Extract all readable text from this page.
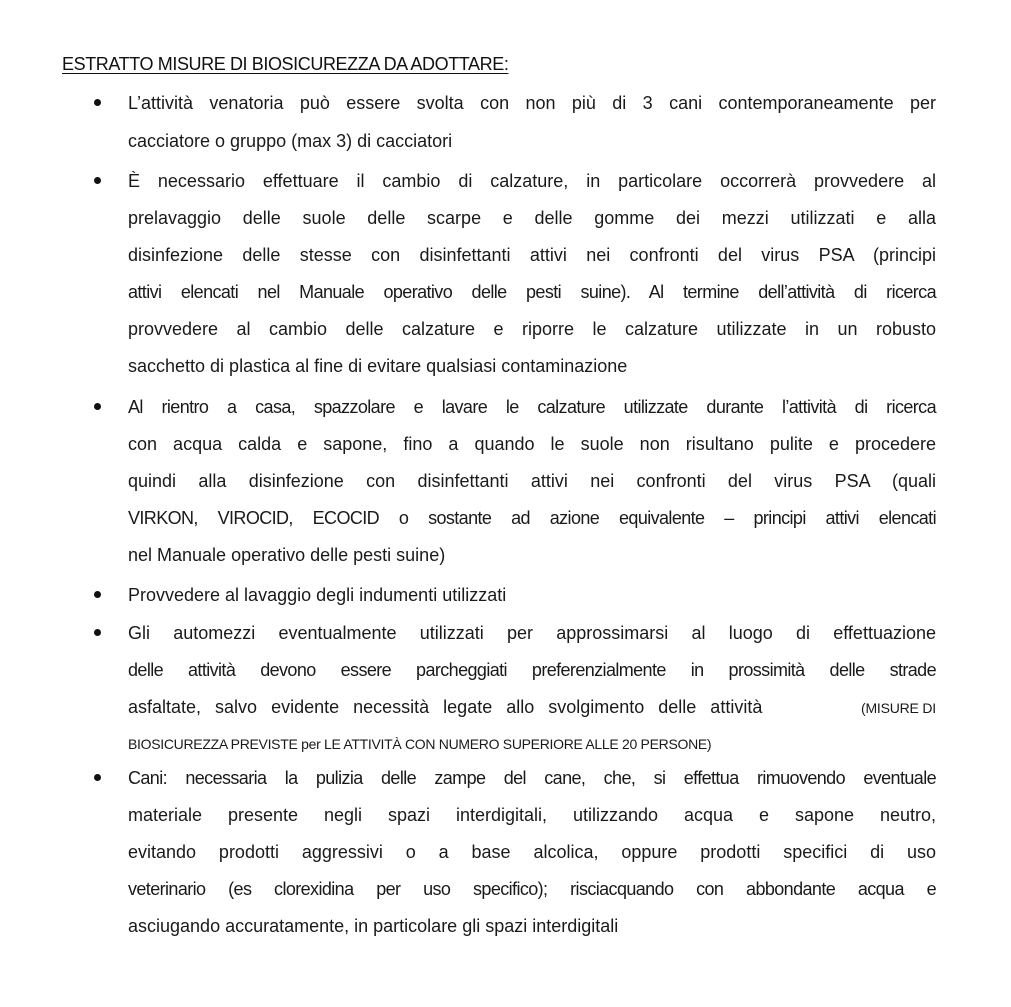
ESTRATTO MISURE DI BIOSICUREZZA DA ADOTTARE:
L’attività venatoria può essere svolta con non più di 3 cani contemporaneamente per
cacciatore o gruppo (max 3) di cacciatori
È necessario effettuare il cambio di calzature, in particolare occorrerà provvedere al
prelavaggio delle suole delle scarpe e delle gomme dei mezzi utilizzati e alla
disinfezione delle stesse con disinfettanti attivi nei confronti del virus PSA (principi
attivi elencati nel Manuale operativo delle pesti suine). Al termine dell’attività di ricerca
provvedere al cambio delle calzature e riporre le calzature utilizzate in un robusto
sacchetto di plastica al fine di evitare qualsiasi contaminazione
Al rientro a casa, spazzolare e lavare le calzature utilizzate durante l’attività di ricerca
con acqua calda e sapone, fino a quando le suole non risultano pulite e procedere
quindi alla disinfezione con disinfettanti attivi nei confronti del virus PSA (quali
VIRKON, VIROCID, ECOCID o sostante ad azione equivalente – principi attivi elencati
nel Manuale operativo delle pesti suine)
Provvedere al lavaggio degli indumenti utilizzati
Gli automezzi eventualmente utilizzati per approssimarsi al luogo di effettuazione
delle attività devono essere parcheggiati preferenzialmente in prossimità delle strade
asfaltate, salvo evidente necessità legate allo svolgimento delle attività	(MISURE DI
BIOSICUREZZA PREVISTE per LE ATTIVITÀ CON NUMERO SUPERIORE ALLE 20 PERSONE)
Cani: necessaria la pulizia delle zampe del cane, che, si effettua rimuovendo eventuale
materiale presente negli spazi interdigitali, utilizzando acqua e sapone neutro,
evitando prodotti aggressivi o a base alcolica, oppure prodotti specifici di uso
veterinario (es clorexidina per uso specifico); risciacquando con abbondante acqua e
asciugando accuratamente, in particolare gli spazi interdigitali
